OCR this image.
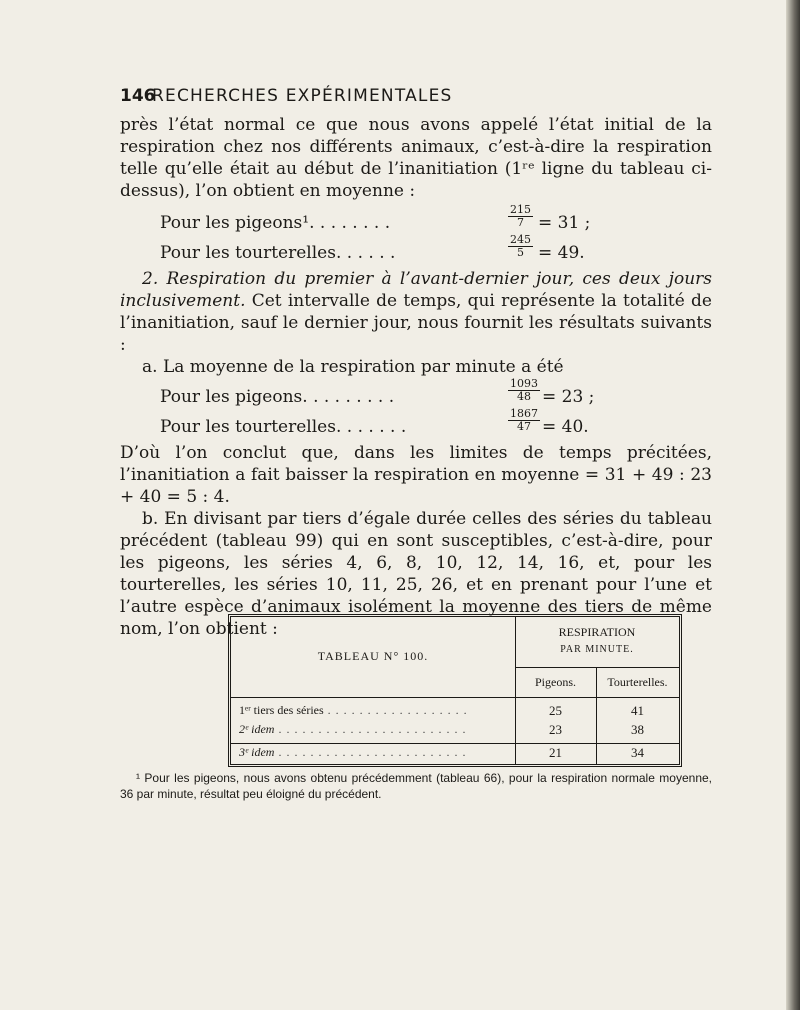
146
RECHERCHES EXPÉRIMENTALES

près l’état normal ce que nous avons appelé l’état initial de la respiration chez nos différents animaux, c’est-à-dire la respiration telle qu’elle était au début de l’inanitiation (1ʳᵉ ligne du tableau ci-dessus), l’on obtient en moyenne :

Pour les pigeons¹. . . . . . . .	$\frac{215}{7} = 31$ ;
Pour les tourterelles. . . . . .	$\frac{245}{5} = 49$.

2. Respiration du premier à l’avant-dernier jour, ces deux jours inclusivement. Cet intervalle de temps, qui représente la totalité de l’inanitiation, sauf le dernier jour, nous fournit les résultats suivants :

a. La moyenne de la respiration par minute a été

Pour les pigeons. . . . . . . . .	$\frac{1093}{48} = 23$ ;
Pour les tourterelles. . . . . . .	$\frac{1867}{47} = 40$.

D’où l’on conclut que, dans les limites de temps précitées, l’inanitiation a fait baisser la respiration en moyenne = 31 + 49 : 23 + 40 = 5 : 4.

b. En divisant par tiers d’égale durée celles des séries du tableau précédent (tableau 99) qui en sont susceptibles, c’est-à-dire, pour les pigeons, les séries 4, 6, 8, 10, 12, 14, 16, et, pour les tourterelles, les séries 10, 11, 25, 26, et en prenant pour l’une et l’autre espèce d’animaux isolément la moyenne des tiers de même nom, l’on obtient :

TABLEAU N° 100.
RESPIRATION
PAR MINUTE.
Pigeons.	Tourterelles.
1ᵉʳ tiers des séries . . . . . . . . . . . . . . . . . .	25	41
2ᵉ idem . . . . . . . . . . . . . . . . . . . . . . . .	23	38
3ᵉ idem . . . . . . . . . . . . . . . . . . . . . . . .	21	34

¹ Pour les pigeons, nous avons obtenu précédemment (tableau 66), pour la respiration normale moyenne, 36 par minute, résultat peu éloigné du précédent.
